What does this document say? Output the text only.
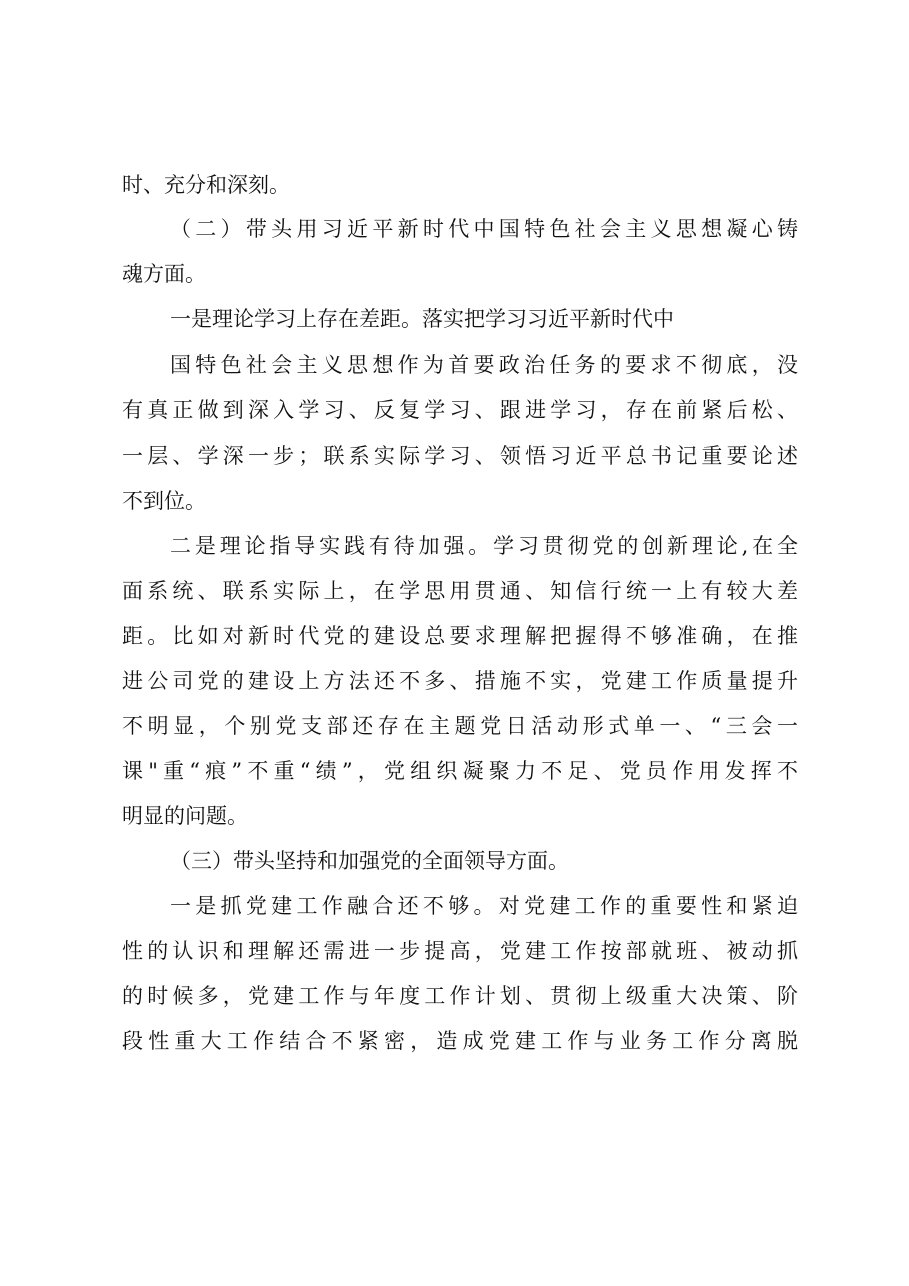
时、充分和深刻。
（二）带头用习近平新时代中国特色社会主义思想凝心铸
魂方面。
一是理论学习上存在差距。落实把学习习近平新时代中
国特色社会主义思想作为首要政治任务的要求不彻底，没
有真正做到深入学习、反复学习、跟进学习，存在前紧后松、
一层、学深一步；联系实际学习、领悟习近平总书记重要论述
不到位。
二是理论指导实践有待加强。学习贯彻党的创新理论,在全
面系统、联系实际上，在学思用贯通、知信行统一上有较大差
距。比如对新时代党的建设总要求理解把握得不够准确，在推
进公司党的建设上方法还不多、措施不实，党建工作质量提升
不明显，个别党支部还存在主题党日活动形式单一、“三会一
课"重“痕”不重“绩”，党组织凝聚力不足、党员作用发挥不
明显的问题。
（三）带头坚持和加强党的全面领导方面。
一是抓党建工作融合还不够。对党建工作的重要性和紧迫
性的认识和理解还需进一步提高，党建工作按部就班、被动抓
的时候多，党建工作与年度工作计划、贯彻上级重大决策、阶
段性重大工作结合不紧密，造成党建工作与业务工作分离脱
